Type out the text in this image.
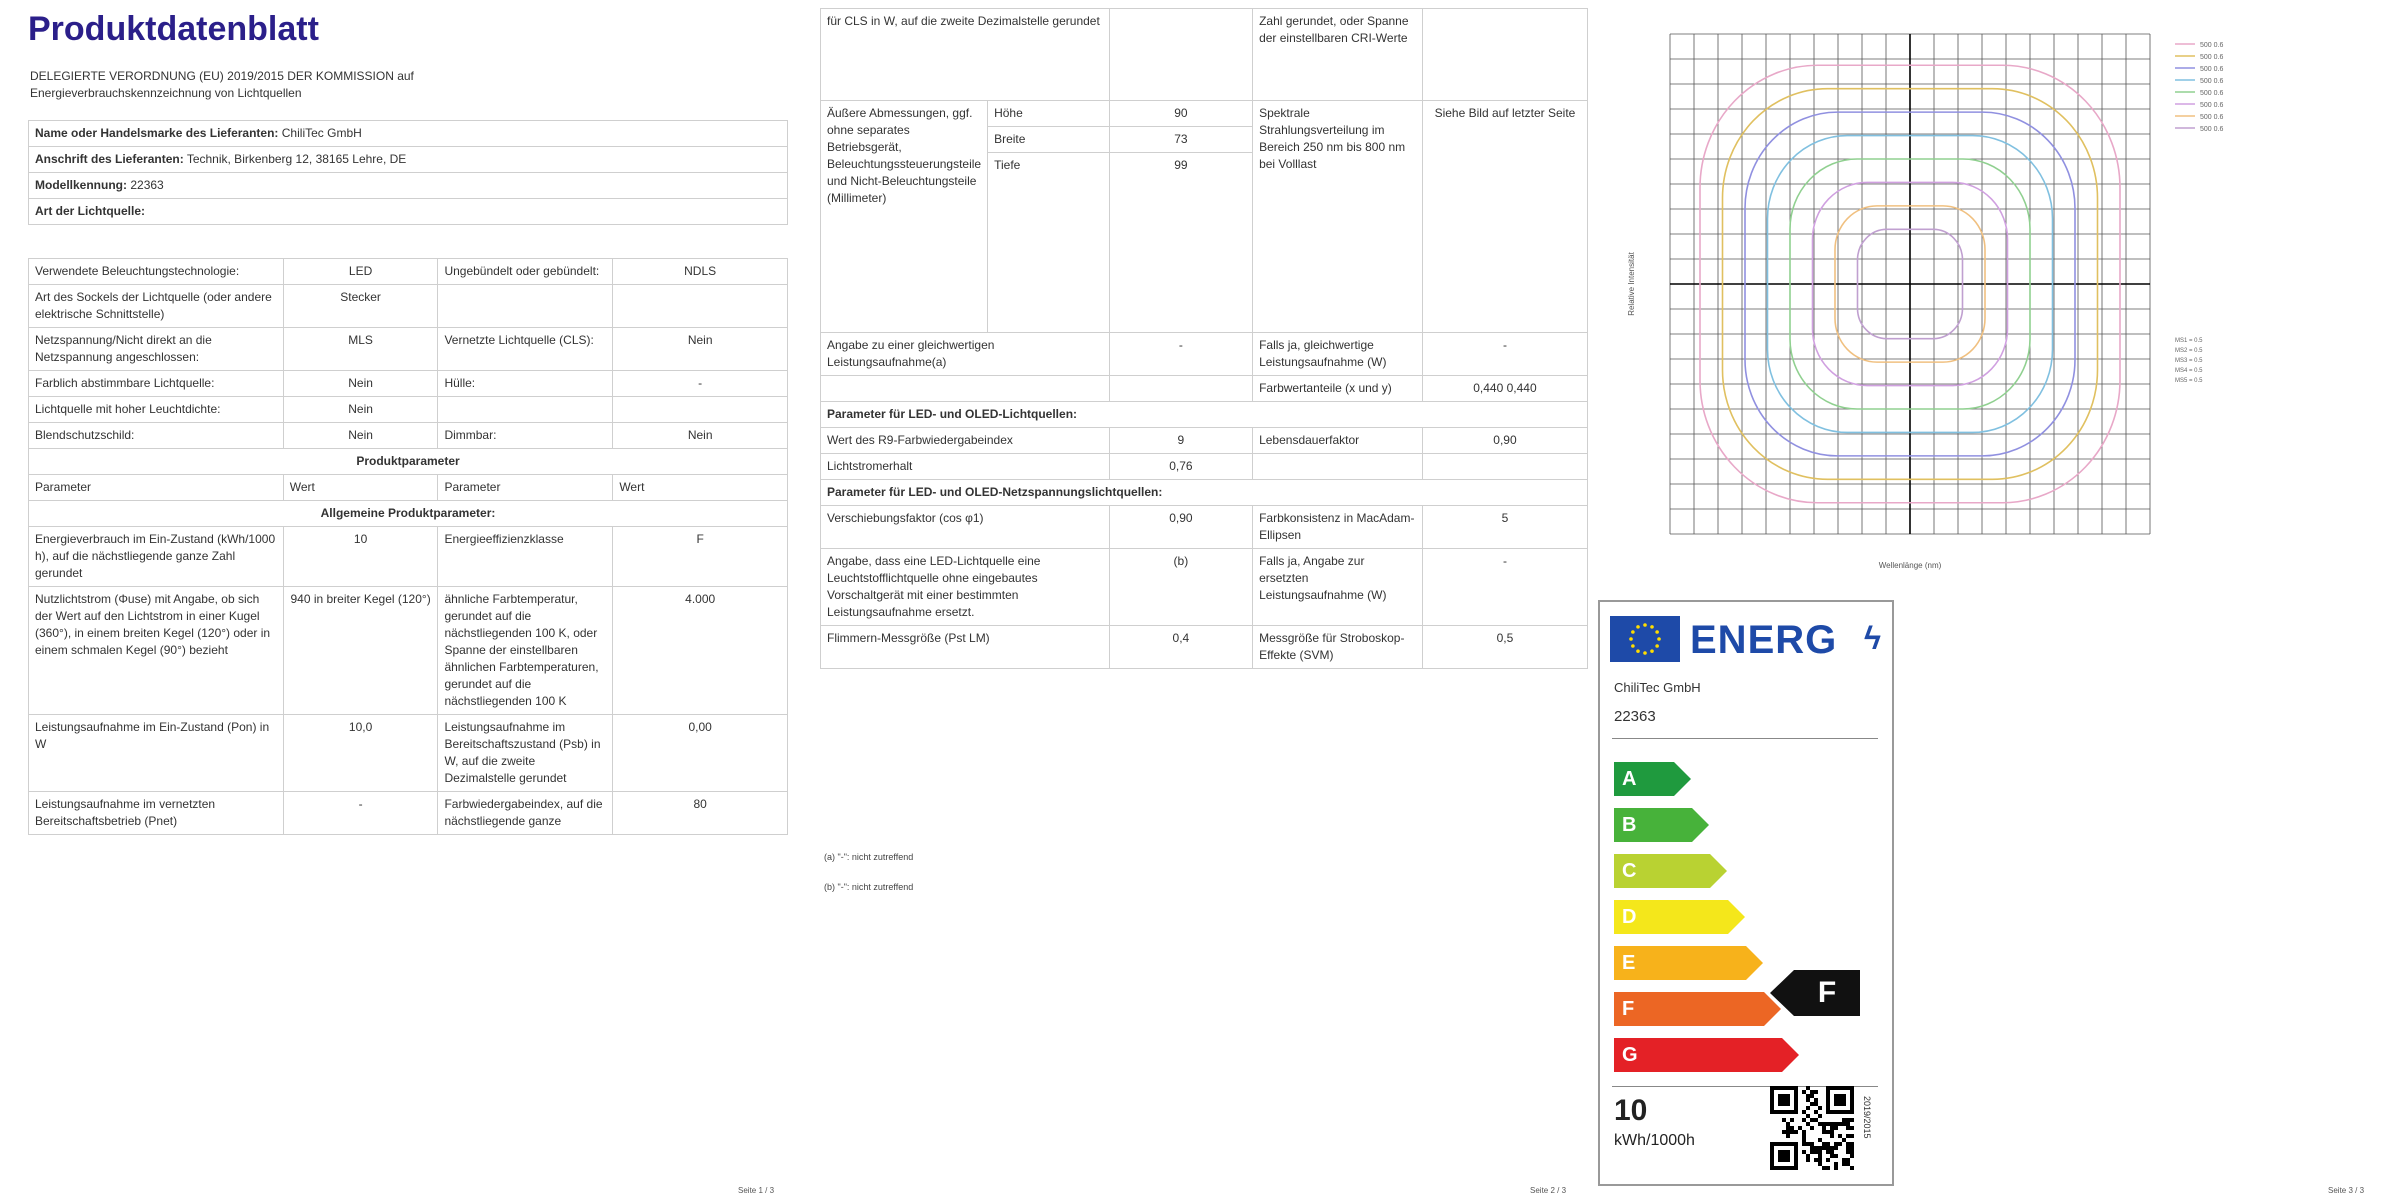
Produktdatenblatt
DELEGIERTE VERORDNUNG (EU) 2019/2015 DER KOMMISSION auf
Energieverbrauchskennzeichnung von Lichtquellen
Name oder Handelsmarke des Lieferanten: ChiliTec GmbH
Anschrift des Lieferanten: Technik, Birkenberg 12, 38165 Lehre, DE
Modellkennung: 22363
Art der Lichtquelle:
Verwendete Beleuchtungstechnologie:	LED	Ungebündelt oder gebündelt:	NDLS
Art des Sockels der Lichtquelle (oder andere elektrische Schnittstelle)	Stecker		
Netzspannung/Nicht direkt an die Netzspannung angeschlossen:	MLS	Vernetzte Lichtquelle (CLS):	Nein
Farblich abstimmbare Lichtquelle:	Nein	Hülle:	-
Lichtquelle mit hoher Leuchtdichte:	Nein		
Blendschutzschild:	Nein	Dimmbar:	Nein
Produktparameter			
Parameter	Wert	Parameter	Wert
Allgemeine Produktparameter:			
Energieverbrauch im Ein-Zustand (kWh/1000 h), auf die nächstliegende ganze Zahl gerundet	10	Energieeffizienzklasse	F
Nutzlichtstrom (Φuse) mit Angabe, ob sich der Wert auf den Lichtstrom in einer Kugel (360°), in einem breiten Kegel (120°) oder in einem schmalen Kegel (90°) bezieht	940 in breiter Kegel (120°)	ähnliche Farbtemperatur, gerundet auf die nächstliegenden 100 K, oder Spanne der einstellbaren ähnlichen Farbtemperaturen, gerundet auf die nächstliegenden 100 K	4.000
Leistungsaufnahme im Ein-Zustand (Pon) in W	10,0	Leistungsaufnahme im Bereitschaftszustand (Psb) in W, auf die zweite Dezimalstelle gerundet	0,00
Leistungsaufnahme im vernetzten Bereitschaftsbetrieb (Pnet)	-	Farbwiedergabeindex, auf die nächstliegende ganze	80
Seite 1 / 3
für CLS in W, auf die zweite Dezimalstelle gerundet			Zahl gerundet, oder Spanne der einstellbaren CRI-Werte	
Äußere Abmessungen, ggf. ohne separates Betriebsgerät, Beleuchtungssteuerungsteile und Nicht-Beleuchtungsteile (Millimeter)	Höhe	90	Spektrale Strahlungsverteilung im Bereich 250 nm bis 800 nm bei Volllast	Siehe Bild auf letzter Seite
	Breite	73		
	Tiefe	99		
Angabe zu einer gleichwertigen Leistungsaufnahme(a)		-	Falls ja, gleichwertige Leistungsaufnahme (W)	-
			Farbwertanteile (x und y)	0,440 0,440
Parameter für LED- und OLED-Lichtquellen:				
Wert des R9-Farbwiedergabeindex		9	Lebensdauerfaktor	0,90
Lichtstromerhalt		0,76		
Parameter für LED- und OLED-Netzspannungslichtquellen:				
Verschiebungsfaktor (cos φ1)		0,90	Farbkonsistenz in MacAdam-Ellipsen	5
Angabe, dass eine LED-Lichtquelle eine Leuchtstofflichtquelle ohne eingebautes Vorschaltgerät mit einer bestimmten Leistungsaufnahme ersetzt.		(b)	Falls ja, Angabe zur ersetzten Leistungsaufnahme (W)	-
Flimmern-Messgröße (Pst LM)		0,4	Messgröße für Stroboskop-Effekte (SVM)	0,5
(a) "-": nicht zutreffend
(b) "-": nicht zutreffend
Seite 2 / 3
500 0.6
500 0.6
500 0.6
500 0.6
500 0.6
500 0.6
500 0.6
500 0.6
MS1 = 0.5
MS2 = 0.5
MS3 = 0.5
MS4 = 0.5
MS5 = 0.5
Wellenlänge (nm)
Relative Intensität
ENERG ϟ
ChiliTec GmbH
22363
A
B
C
D
E
F
G
F
10
kWh/1000h
2019/2015
Seite 3 / 3
